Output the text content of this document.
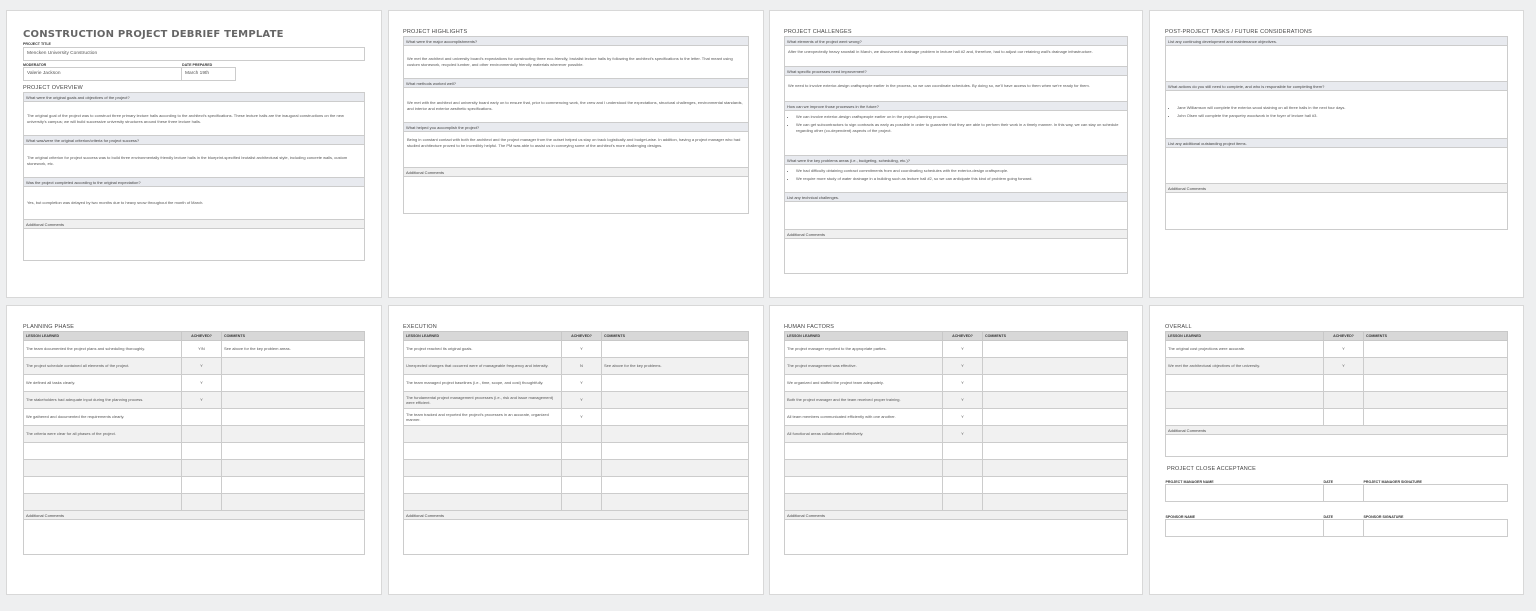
CONSTRUCTION PROJECT DEBRIEF TEMPLATE
PROJECT TITLE
Mencken University Construction
MODERATOR	DATE PREPARED
Valerie Jackson	March 19th
PROJECT OVERVIEW
What were the original goals and objectives of the project?
The original goal of the project was to construct three primary lecture halls according to the architect's specifications. These lecture halls are the inaugural constructions on the new university's campus; we will build successive university structures around these three lecture halls.
What was/were the original criterion/criteria for project success?
The original criterion for project success was to build three environmentally friendly lecture halls in the blueprint-specified brutalist architectural style, including concrete walls, custom stonework, etc.
Was the project completed according to the original expectation?
Yes, but completion was delayed by two months due to heavy snow throughout the month of March.
Additional Comments
PROJECT HIGHLIGHTS
What were the major accomplishments?
We met the architect and university board's expectations for constructing three eco-friendly, brutalist lecture halls by following the architect's specifications to the letter. That meant using custom stonework, recycled lumber, and other environmentally friendly materials wherever possible.
What methods worked well?
We met with the architect and university board early on to ensure that, prior to commencing work, the crew and I understood the expectations, structural challenges, environmental standards, and interior and exterior aesthetic specifications.
What helped you accomplish the project?
Being in constant contact with both the architect and the project manager from the outset helped us stay on track logistically and budget-wise. In addition, having a project manager who had studied architecture proved to be incredibly helpful. The PM was able to assist us in conveying some of the architect's more challenging designs.
Additional Comments
PROJECT CHALLENGES
What elements of the project went wrong?
After the unexpectedly heavy snowfall in March, we discovered a drainage problem in lecture hall #2 and, therefore, had to adjust our retaining wall's drainage infrastructure.
What specific processes need improvement?
We need to involve exterior-design craftspeople earlier in the process, so we can coordinate schedules. By doing so, we'll have access to them when we're ready for them.
How can we improve those processes in the future?
• We can involve exterior-design craftspeople earlier on in the project-planning process.
• We can get subcontractors to sign contracts as early as possible in order to guarantee that they are able to perform their work in a timely manner. In this way, we can stay on schedule regarding other (co-dependent) aspects of the project.
What were the key problems areas (i.e., budgeting, scheduling, etc.)?
• We had difficulty obtaining contract commitments from and coordinating schedules with the exterior-design craftspeople.
• We require more study of water drainage in a building such as lecture hall #2, so we can anticipate this kind of problem going forward.
List any technical challenges.
Additional Comments
POST-PROJECT TASKS / FUTURE CONSIDERATIONS
List any continuing development and maintenance objectives.
What actions do you still need to complete, and who is responsible for completing them?
• Jane Williamson will complete the exterior-wood staining on all three halls in the next four days.
• John Olsen will complete the parquetry woodwork in the foyer of lecture hall #3.
List any additional outstanding project items.
Additional Comments
PLANNING PHASE
LESSON LEARNED	ACHIEVED?	COMMENTS
The team documented the project plans and scheduling thoroughly.	Y/N	See above for the key problem areas.
The project schedule contained all elements of the project.	Y	
We defined all tasks clearly.	Y	
The stakeholders had adequate input during the planning process.	Y	
We gathered and documented the requirements clearly.		
The criteria were clear for all phases of the project.		

Additional Comments
EXECUTION
LESSON LEARNED	ACHIEVED?	COMMENTS
The project reached its original goals.	Y	
Unexpected changes that occurred were of manageable frequency and intensity.	N	See above for the key problems.
The team managed project baselines (i.e., time, scope, and cost) thoughtfully.	Y	
The fundamental project management processes (i.e., risk and issue management) were efficient.	Y	
The team tracked and reported the project's processes in an accurate, organized manner.	Y	

Additional Comments
HUMAN FACTORS
LESSON LEARNED	ACHIEVED?	COMMENTS
The project manager reported to the appropriate parties.	Y	
The project management was effective.	Y	
We organized and staffed the project team adequately.	Y	
Both the project manager and the team received proper training.	Y	
All team members communicated efficiently with one another.	Y	
All functional areas collaborated effectively.	Y	

Additional Comments
OVERALL
LESSON LEARNED	ACHIEVED?	COMMENTS
The original cost projections were accurate.	Y	
We met the architectural objectives of the university.	Y	

Additional Comments
PROJECT CLOSE ACCEPTANCE
PROJECT MANAGER NAME	DATE	PROJECT MANAGER SIGNATURE

SPONSOR NAME	DATE	SPONSOR SIGNATURE
